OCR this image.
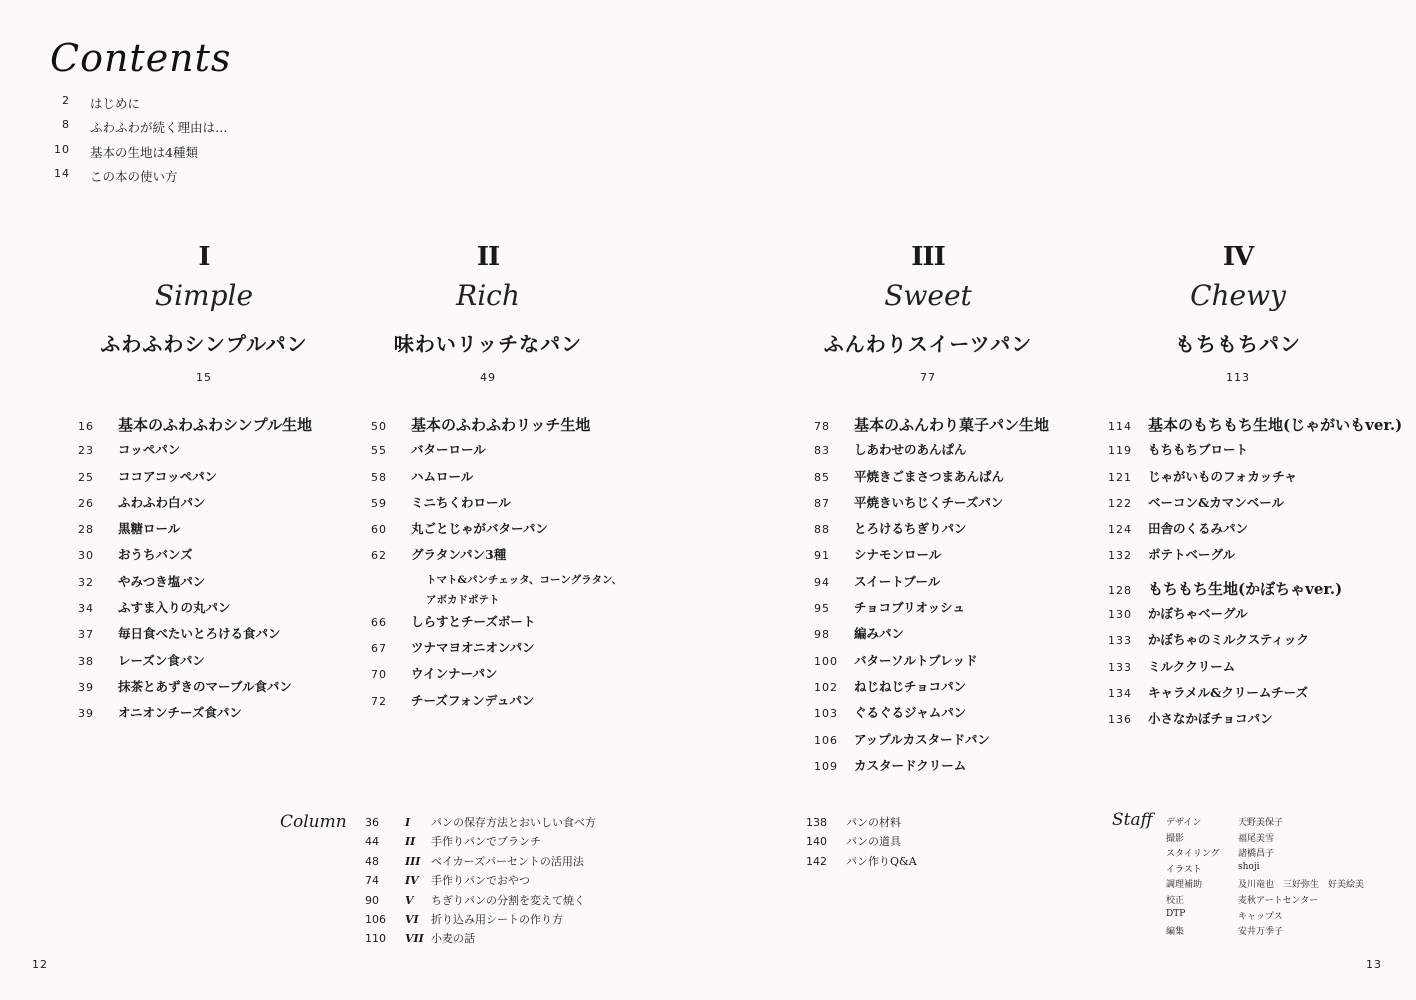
Contents
2	はじめに
8	ふわふわが続く理由は…
10	基本の生地は4種類
14	この本の使い方
I
Simple
ふわふわシンプルパン
15
16	基本のふわふわシンプル生地
23	コッペパン
25	ココアコッペパン
26	ふわふわ白パン
28	黒糖ロール
30	おうちバンズ
32	やみつき塩パン
34	ふすま入りの丸パン
37	毎日食べたいとろける食パン
38	レーズン食パン
39	抹茶とあずきのマーブル食パン
39	オニオンチーズ食パン
II
Rich
味わいリッチなパン
49
50	基本のふわふわリッチ生地
55	バターロール
58	ハムロール
59	ミニちくわロール
60	丸ごとじゃがバターパン
62	グラタンパン3種
トマト&パンチェッタ、コーングラタン、
アボカドポテト
66	しらすとチーズボート
67	ツナマヨオニオンパン
70	ウインナーパン
72	チーズフォンデュパン
III
Sweet
ふんわりスイーツパン
77
78	基本のふんわり菓子パン生地
83	しあわせのあんぱん
85	平焼きごまさつまあんぱん
87	平焼きいちじくチーズパン
88	とろけるちぎりパン
91	シナモンロール
94	スイートブール
95	チョコブリオッシュ
98	編みパン
100	バターソルトブレッド
102	ねじねじチョコパン
103	ぐるぐるジャムパン
106	アップルカスタードパン
109	カスタードクリーム
IV
Chewy
もちもちパン
113
114	基本のもちもち生地 (じゃがいもver.)
119	もちもちブロート
121	じゃがいものフォカッチャ
122	ベーコン&カマンベール
124	田舎のくるみパン
132	ポテトベーグル
128	もちもち生地 (かぼちゃver.)
130	かぼちゃベーグル
133	かぼちゃのミルクスティック
133	ミルククリーム
134	キャラメル&クリームチーズ
136	小さなかぼチョコパン
Column 36	I	パンの保存方法とおいしい食べ方
44	II	手作りパンでブランチ
48	III ベイカーズパーセントの活用法
74	IV	手作りパンでおやつ
90	V	ちぎりパンの分割を変えて焼く
106	VI	折り込み用シートの作り方
110	VII 小麦の話
138	パンの材料
140	パンの道具
142	パン作りQ&A
Staff デザイン	天野美保子
撮影	福尾美雪
スタイリング	諸橋昌子
イラスト	shoji
調理補助	及川竜也　三好弥生　好美絵美
校正	麦秋アートセンター
DTP	キャップス
編集	安井万季子
12	13
